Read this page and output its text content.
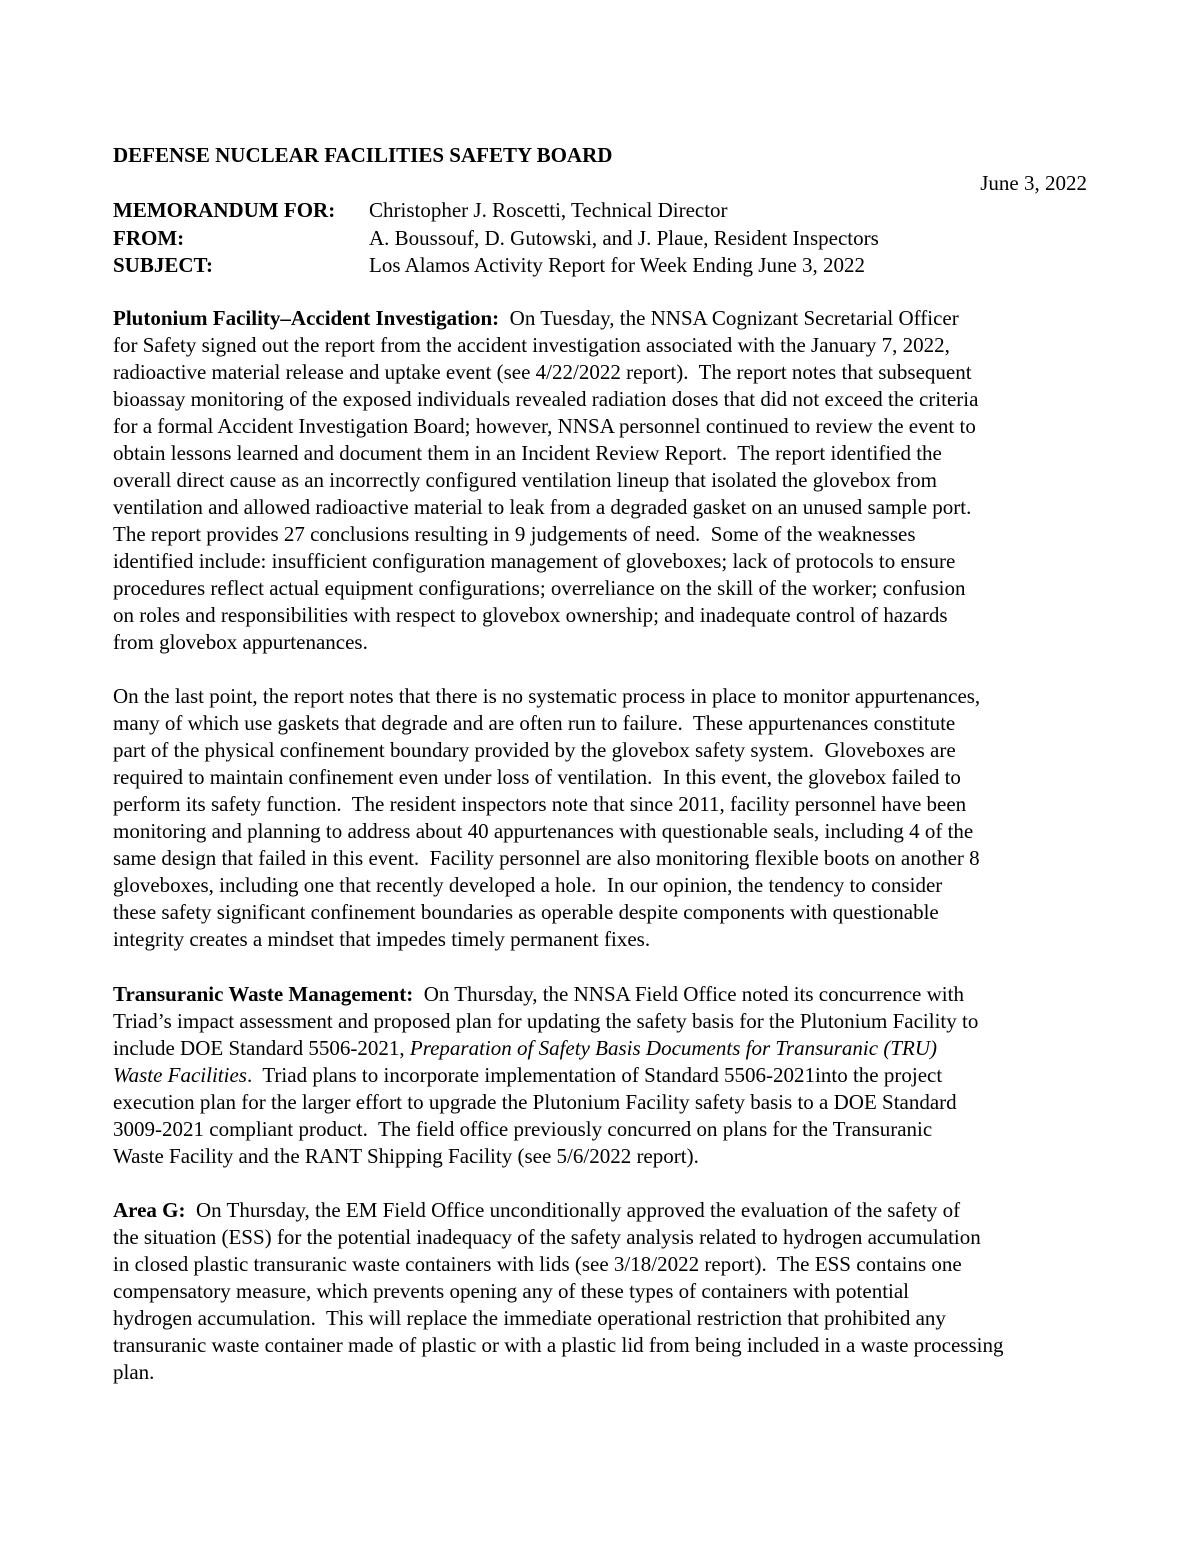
DEFENSE NUCLEAR FACILITIES SAFETY BOARD
June 3, 2022
MEMORANDUM FOR: Christopher J. Roscetti, Technical Director
FROM:	A. Boussouf, D. Gutowski, and J. Plaue, Resident Inspectors
SUBJECT:	Los Alamos Activity Report for Week Ending June 3, 2022
Plutonium Facility–Accident Investigation:  On Tuesday, the NNSA Cognizant Secretarial Officer
for Safety signed out the report from the accident investigation associated with the January 7, 2022,
radioactive material release and uptake event (see 4/22/2022 report).  The report notes that subsequent
bioassay monitoring of the exposed individuals revealed radiation doses that did not exceed the criteria
for a formal Accident Investigation Board; however, NNSA personnel continued to review the event to
obtain lessons learned and document them in an Incident Review Report.  The report identified the
overall direct cause as an incorrectly configured ventilation lineup that isolated the glovebox from
ventilation and allowed radioactive material to leak from a degraded gasket on an unused sample port.
The report provides 27 conclusions resulting in 9 judgements of need.  Some of the weaknesses
identified include: insufficient configuration management of gloveboxes; lack of protocols to ensure
procedures reflect actual equipment configurations; overreliance on the skill of the worker; confusion
on roles and responsibilities with respect to glovebox ownership; and inadequate control of hazards
from glovebox appurtenances.
On the last point, the report notes that there is no systematic process in place to monitor appurtenances,
many of which use gaskets that degrade and are often run to failure.  These appurtenances constitute
part of the physical confinement boundary provided by the glovebox safety system.  Gloveboxes are
required to maintain confinement even under loss of ventilation.  In this event, the glovebox failed to
perform its safety function.  The resident inspectors note that since 2011, facility personnel have been
monitoring and planning to address about 40 appurtenances with questionable seals, including 4 of the
same design that failed in this event.  Facility personnel are also monitoring flexible boots on another 8
gloveboxes, including one that recently developed a hole.  In our opinion, the tendency to consider
these safety significant confinement boundaries as operable despite components with questionable
integrity creates a mindset that impedes timely permanent fixes.
Transuranic Waste Management:  On Thursday, the NNSA Field Office noted its concurrence with
Triad’s impact assessment and proposed plan for updating the safety basis for the Plutonium Facility to
include DOE Standard 5506-2021, Preparation of Safety Basis Documents for Transuranic (TRU)
Waste Facilities.  Triad plans to incorporate implementation of Standard 5506-2021into the project
execution plan for the larger effort to upgrade the Plutonium Facility safety basis to a DOE Standard
3009-2021 compliant product.  The field office previously concurred on plans for the Transuranic
Waste Facility and the RANT Shipping Facility (see 5/6/2022 report).
Area G:  On Thursday, the EM Field Office unconditionally approved the evaluation of the safety of
the situation (ESS) for the potential inadequacy of the safety analysis related to hydrogen accumulation
in closed plastic transuranic waste containers with lids (see 3/18/2022 report).  The ESS contains one
compensatory measure, which prevents opening any of these types of containers with potential
hydrogen accumulation.  This will replace the immediate operational restriction that prohibited any
transuranic waste container made of plastic or with a plastic lid from being included in a waste processing
plan.
